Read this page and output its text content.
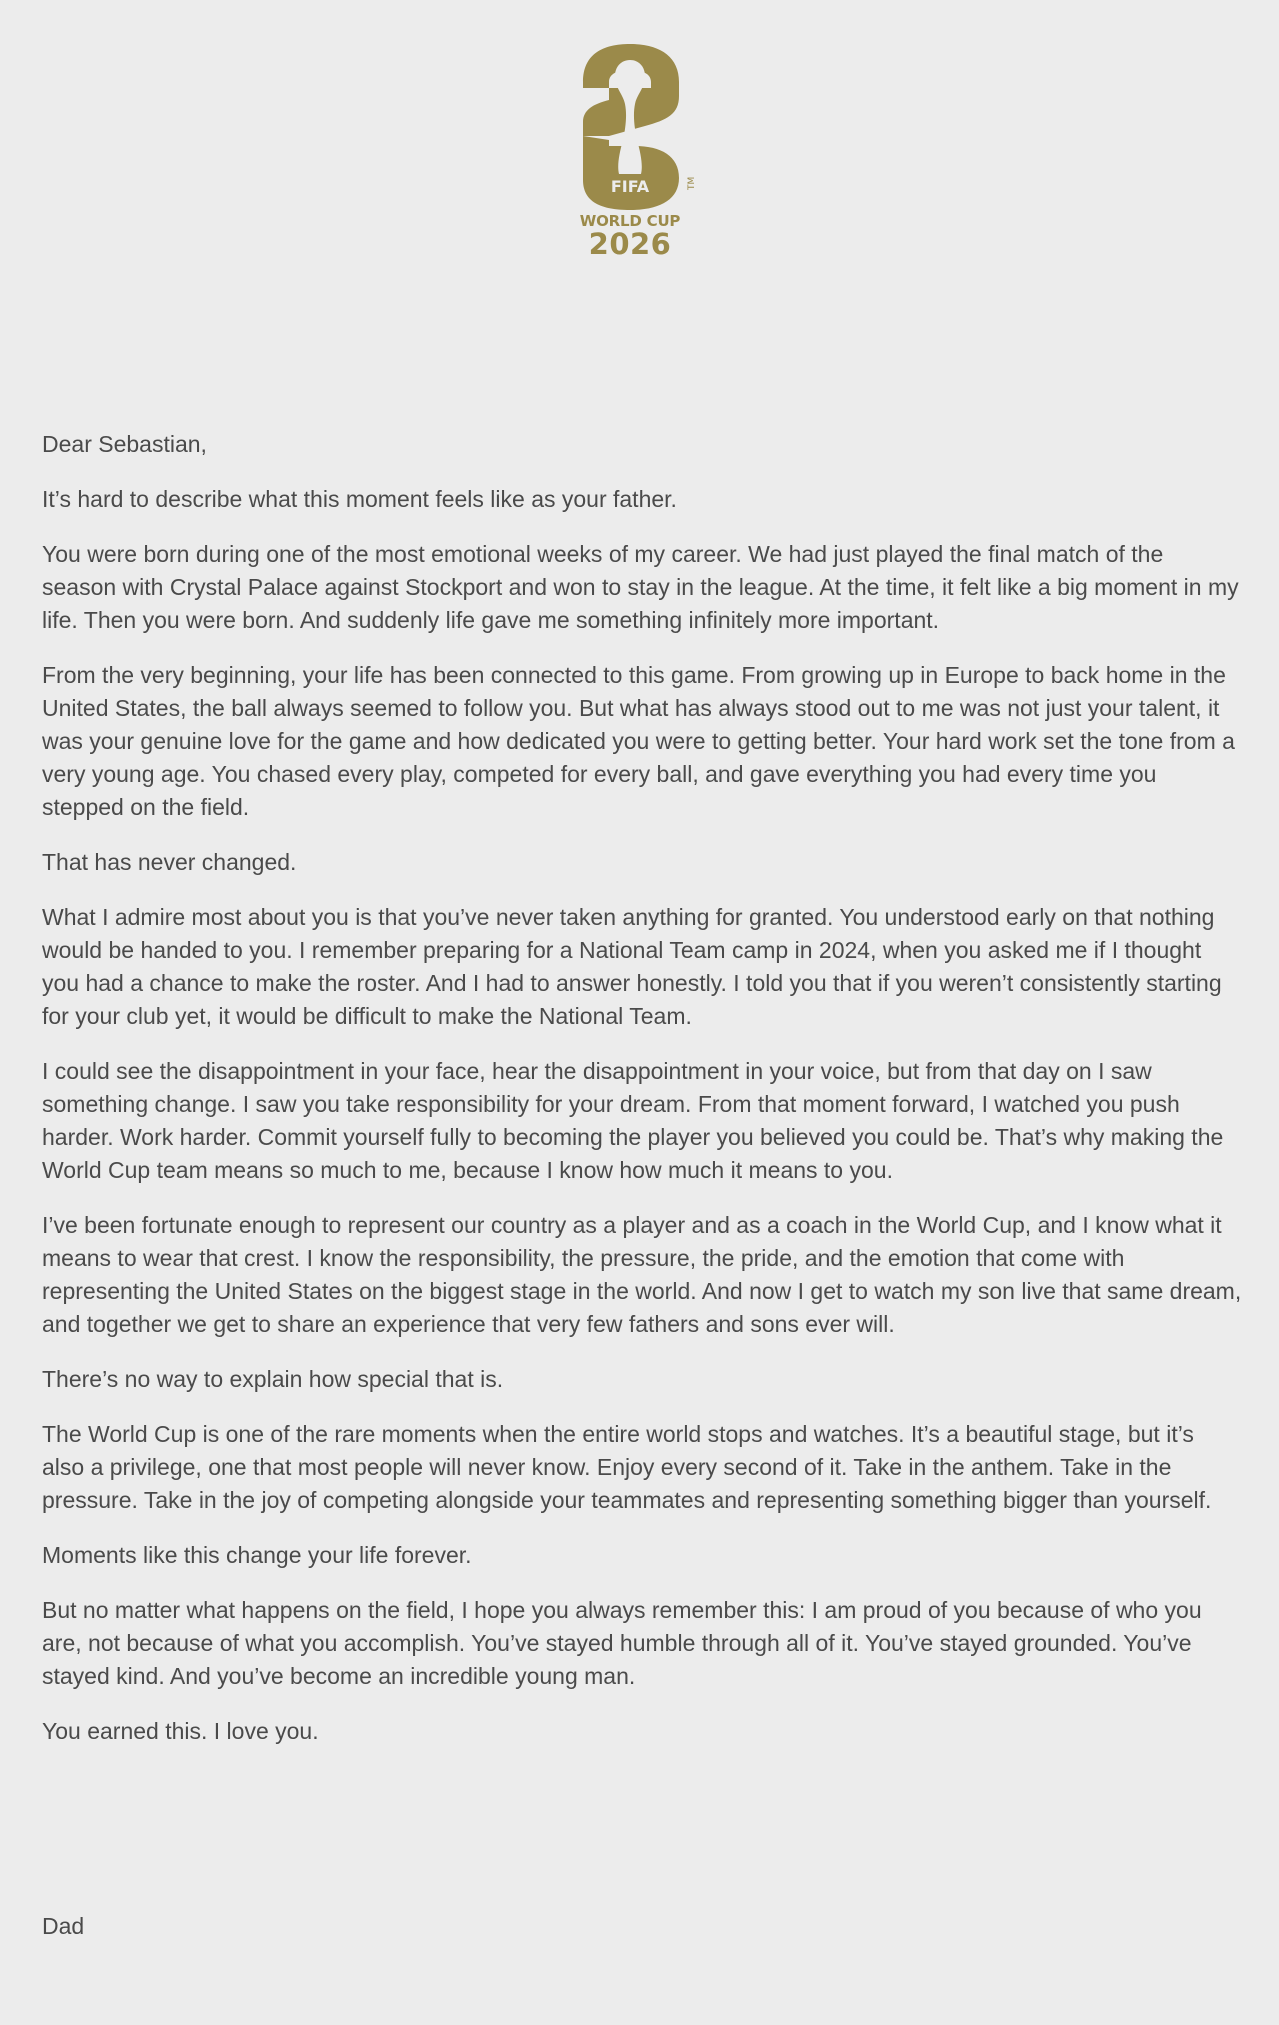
FIFA	TM
WORLD CUP
2026

Dear Sebastian,

It’s hard to describe what this moment feels like as your father.

You were born during one of the most emotional weeks of my career. We had just played the final match of the season with Crystal Palace against Stockport and won to stay in the league. At the time, it felt like a big moment in my life. Then you were born. And suddenly life gave me something infinitely more important.

From the very beginning, your life has been connected to this game. From growing up in Europe to back home in the United States, the ball always seemed to follow you. But what has always stood out to me was not just your talent, it was your genuine love for the game and how dedicated you were to getting better. Your hard work set the tone from a very young age. You chased every play, competed for every ball, and gave everything you had every time you stepped on the field.

That has never changed.

What I admire most about you is that you’ve never taken anything for granted. You understood early on that nothing would be handed to you. I remember preparing for a National Team camp in 2024, when you asked me if I thought you had a chance to make the roster. And I had to answer honestly. I told you that if you weren’t consistently starting for your club yet, it would be difficult to make the National Team.

I could see the disappointment in your face, hear the disappointment in your voice, but from that day on I saw something change. I saw you take responsibility for your dream. From that moment forward, I watched you push harder. Work harder. Commit yourself fully to becoming the player you believed you could be. That’s why making the World Cup team means so much to me, because I know how much it means to you.

I’ve been fortunate enough to represent our country as a player and as a coach in the World Cup, and I know what it means to wear that crest. I know the responsibility, the pressure, the pride, and the emotion that come with representing the United States on the biggest stage in the world. And now I get to watch my son live that same dream, and together we get to share an experience that very few fathers and sons ever will.

There’s no way to explain how special that is.

The World Cup is one of the rare moments when the entire world stops and watches. It’s a beautiful stage, but it’s also a privilege, one that most people will never know. Enjoy every second of it. Take in the anthem. Take in the pressure. Take in the joy of competing alongside your teammates and representing something bigger than yourself.

Moments like this change your life forever.

But no matter what happens on the field, I hope you always remember this: I am proud of you because of who you are, not because of what you accomplish. You’ve stayed humble through all of it. You’ve stayed grounded. You’ve stayed kind. And you’ve become an incredible young man.

You earned this. I love you.

Dad
